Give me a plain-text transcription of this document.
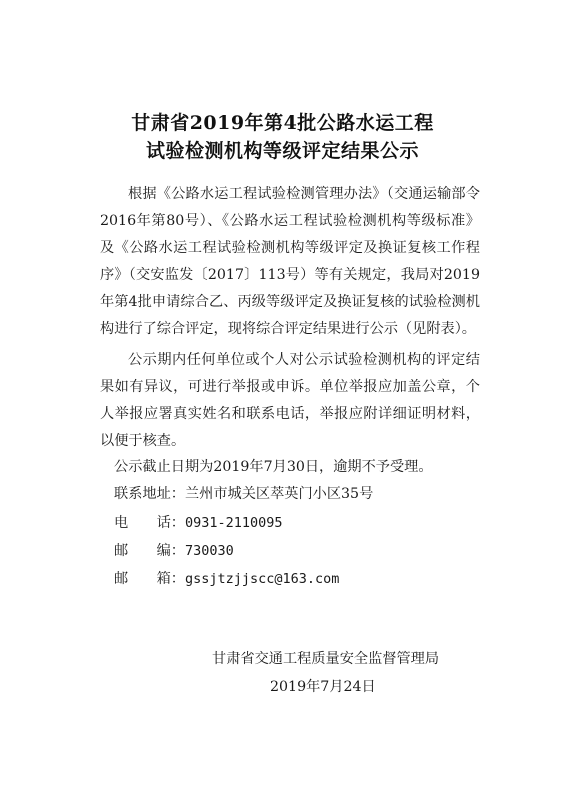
甘肃省2019年第4批公路水运工程
试验检测机构等级评定结果公示

根据《公路水运工程试验检测管理办法》（交通运输部令2016年第80号）、《公路水运工程试验检测机构等级标准》及《公路水运工程试验检测机构等级评定及换证复核工作程序》（交安监发〔2017〕113号）等有关规定，我局对2019年第4批申请综合乙、丙级等级评定及换证复核的试验检测机构进行了综合评定，现将综合评定结果进行公示（见附表）。

公示期内任何单位或个人对公示试验检测机构的评定结果如有异议，可进行举报或申诉。单位举报应加盖公章，个人举报应署真实姓名和联系电话，举报应附详细证明材料，以便于核查。

公示截止日期为2019年7月30日，逾期不予受理。
联系地址：兰州市城关区萃英门小区35号
电　　话：0931-2110095
邮　　编：730030
邮　　箱：gssjtzjjscc@163.com
甘肃省交通工程质量安全监督管理局
2019年7月24日
